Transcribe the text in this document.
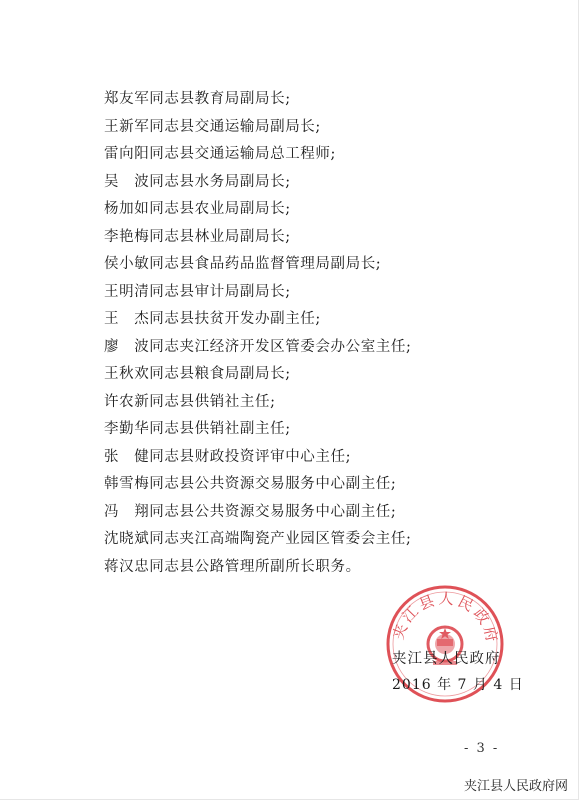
郑友军同志县教育局副局长;
王新军同志县交通运输局副局长;
雷向阳同志县交通运输局总工程师;
吴　波同志县水务局副局长;
杨加如同志县农业局副局长;
李艳梅同志县林业局副局长;
侯小敏同志县食品药品监督管理局副局长;
王明清同志县审计局副局长;
王　杰同志县扶贫开发办副主任;
廖　波同志夹江经济开发区管委会办公室主任;
王秋欢同志县粮食局副局长;
许农新同志县供销社主任;
李勤华同志县供销社副主任;
张　健同志县财政投资评审中心主任;
韩雪梅同志县公共资源交易服务中心副主任;
冯　翔同志县公共资源交易服务中心副主任;
沈晓斌同志夹江高端陶瓷产业园区管委会主任;
蒋汉忠同志县公路管理所副所长职务。
夹江县人民政府
夹江县人民政府
2016 年 7 月 4 日
- 3 -
夹江县人民政府网
